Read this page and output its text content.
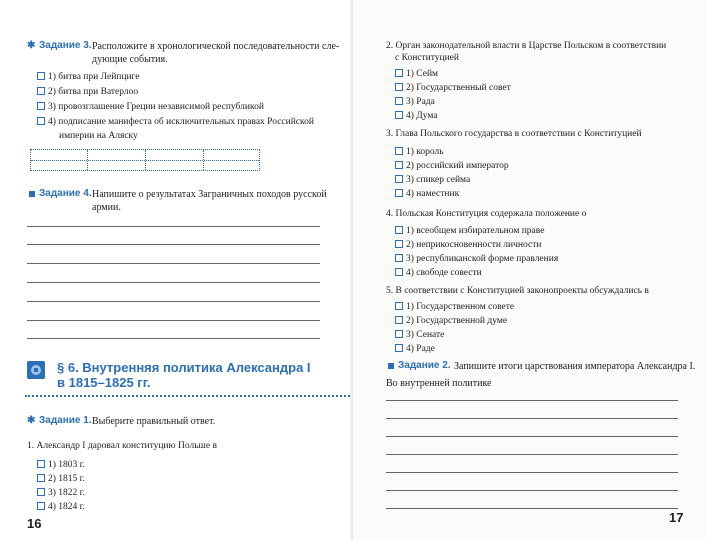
✱ Задание 3. Расположите в хронологической последовательности сле-
дующие события.
1) битва при Лейпциге
2) битва при Ватерлоо
3) провозглашение Греции независимой республикой
4) подписание манифеста об исключительных правах Российской
империи на Аляску
Задание 4. Напишите о результатах Заграничных походов русской
армии.
§ 6. Внутренняя политика Александра I
в 1815–1825 гг.
✱ Задание 1. Выберите правильный ответ.
1. Александр I даровал конституцию Польше в
1) 1803 г.
2) 1815 г.
3) 1822 г.
4) 1824 г.
16
2. Орган законодательной власти в Царстве Польском в соответствии
с Конституцией
1) Сейм
2) Государственный совет
3) Рада
4) Дума
3. Глава Польского государства в соответствии с Конституцией
1) король
2) российский император
3) спикер сейма
4) наместник
4. Польская Конституция содержала положение о
1) всеобщем избирательном праве
2) неприкосновенности личности
3) республиканской форме правления
4) свободе совести
5. В соответствии с Конституцией законопроекты обсуждались в
1) Государственном совете
2) Государственной думе
3) Сенате
4) Раде
Задание 2. Запишите итоги царствования императора Александра I.
Во внутренней политике
17
